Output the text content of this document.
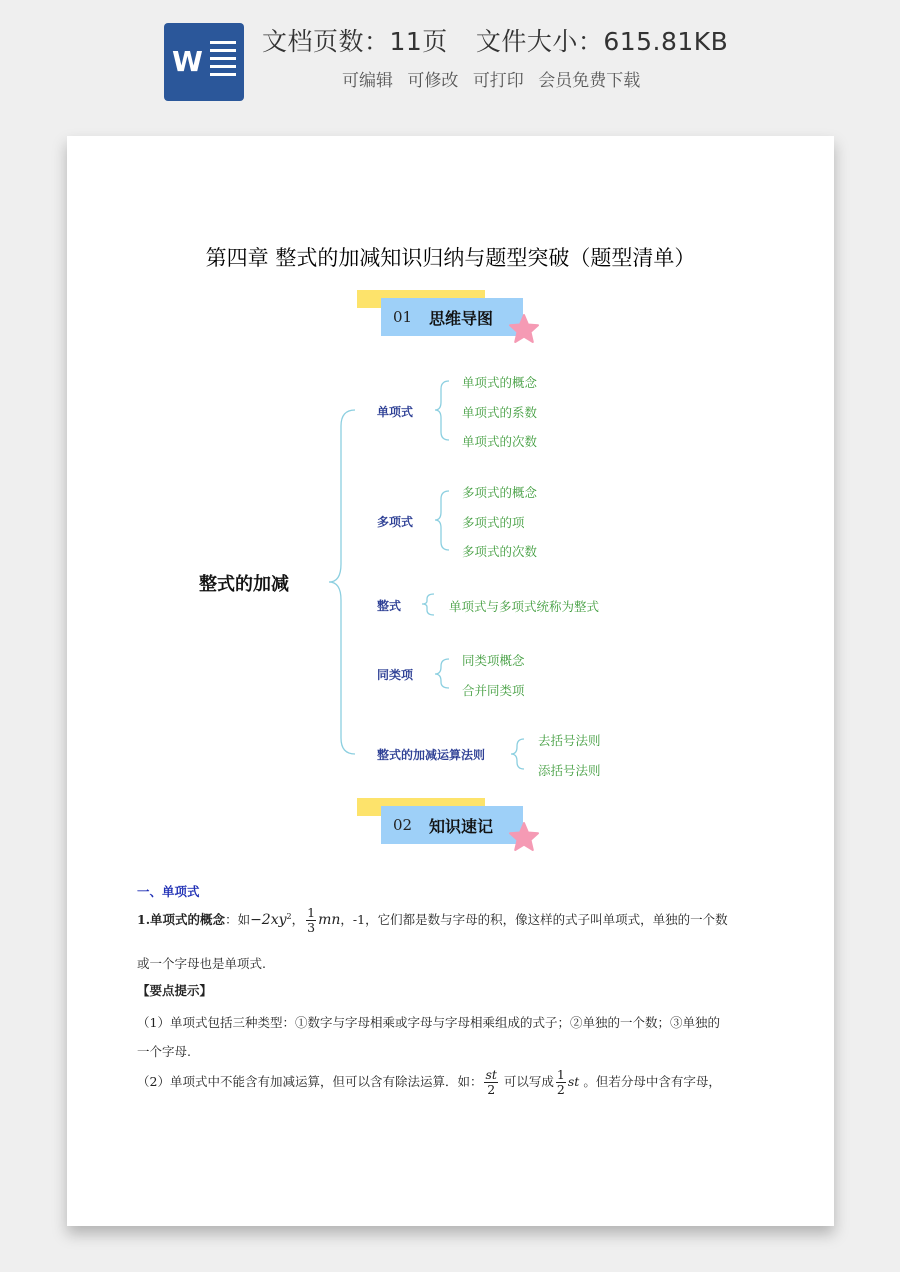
W
文档页数：11页 文件大小：615.81KB
可编辑 可修改 可打印 会员免费下载
第四章 整式的加减知识归纳与题型突破（题型清单）
01 思维导图
整式的加减
单项式
单项式的概念
单项式的系数
单项式的次数
多项式
多项式的概念
多项式的项
多项式的次数
整式	单项式与多项式统称为整式
同类项
同类项概念
合并同类项
整式的加减运算法则
去括号法则
添括号法则
02 知识速记
一、单项式
1.单项式的概念：如$-2xy^2$， $\frac{1}{3}$ mn，-1，它们都是数与字母的积，像这样的式子叫单项式，单独的一个数
或一个字母也是单项式.
【要点提示】
（1）单项式包括三种类型：①数字与字母相乘或字母与字母相乘组成的式子；②单独的一个数；③单独的
一个字母.
（2）单项式中不能含有加减运算，但可以含有除法运算．如： $\frac{st}{2}$ 可以写成 $\frac{1}{2}$ st 。但若分母中含有字母，
